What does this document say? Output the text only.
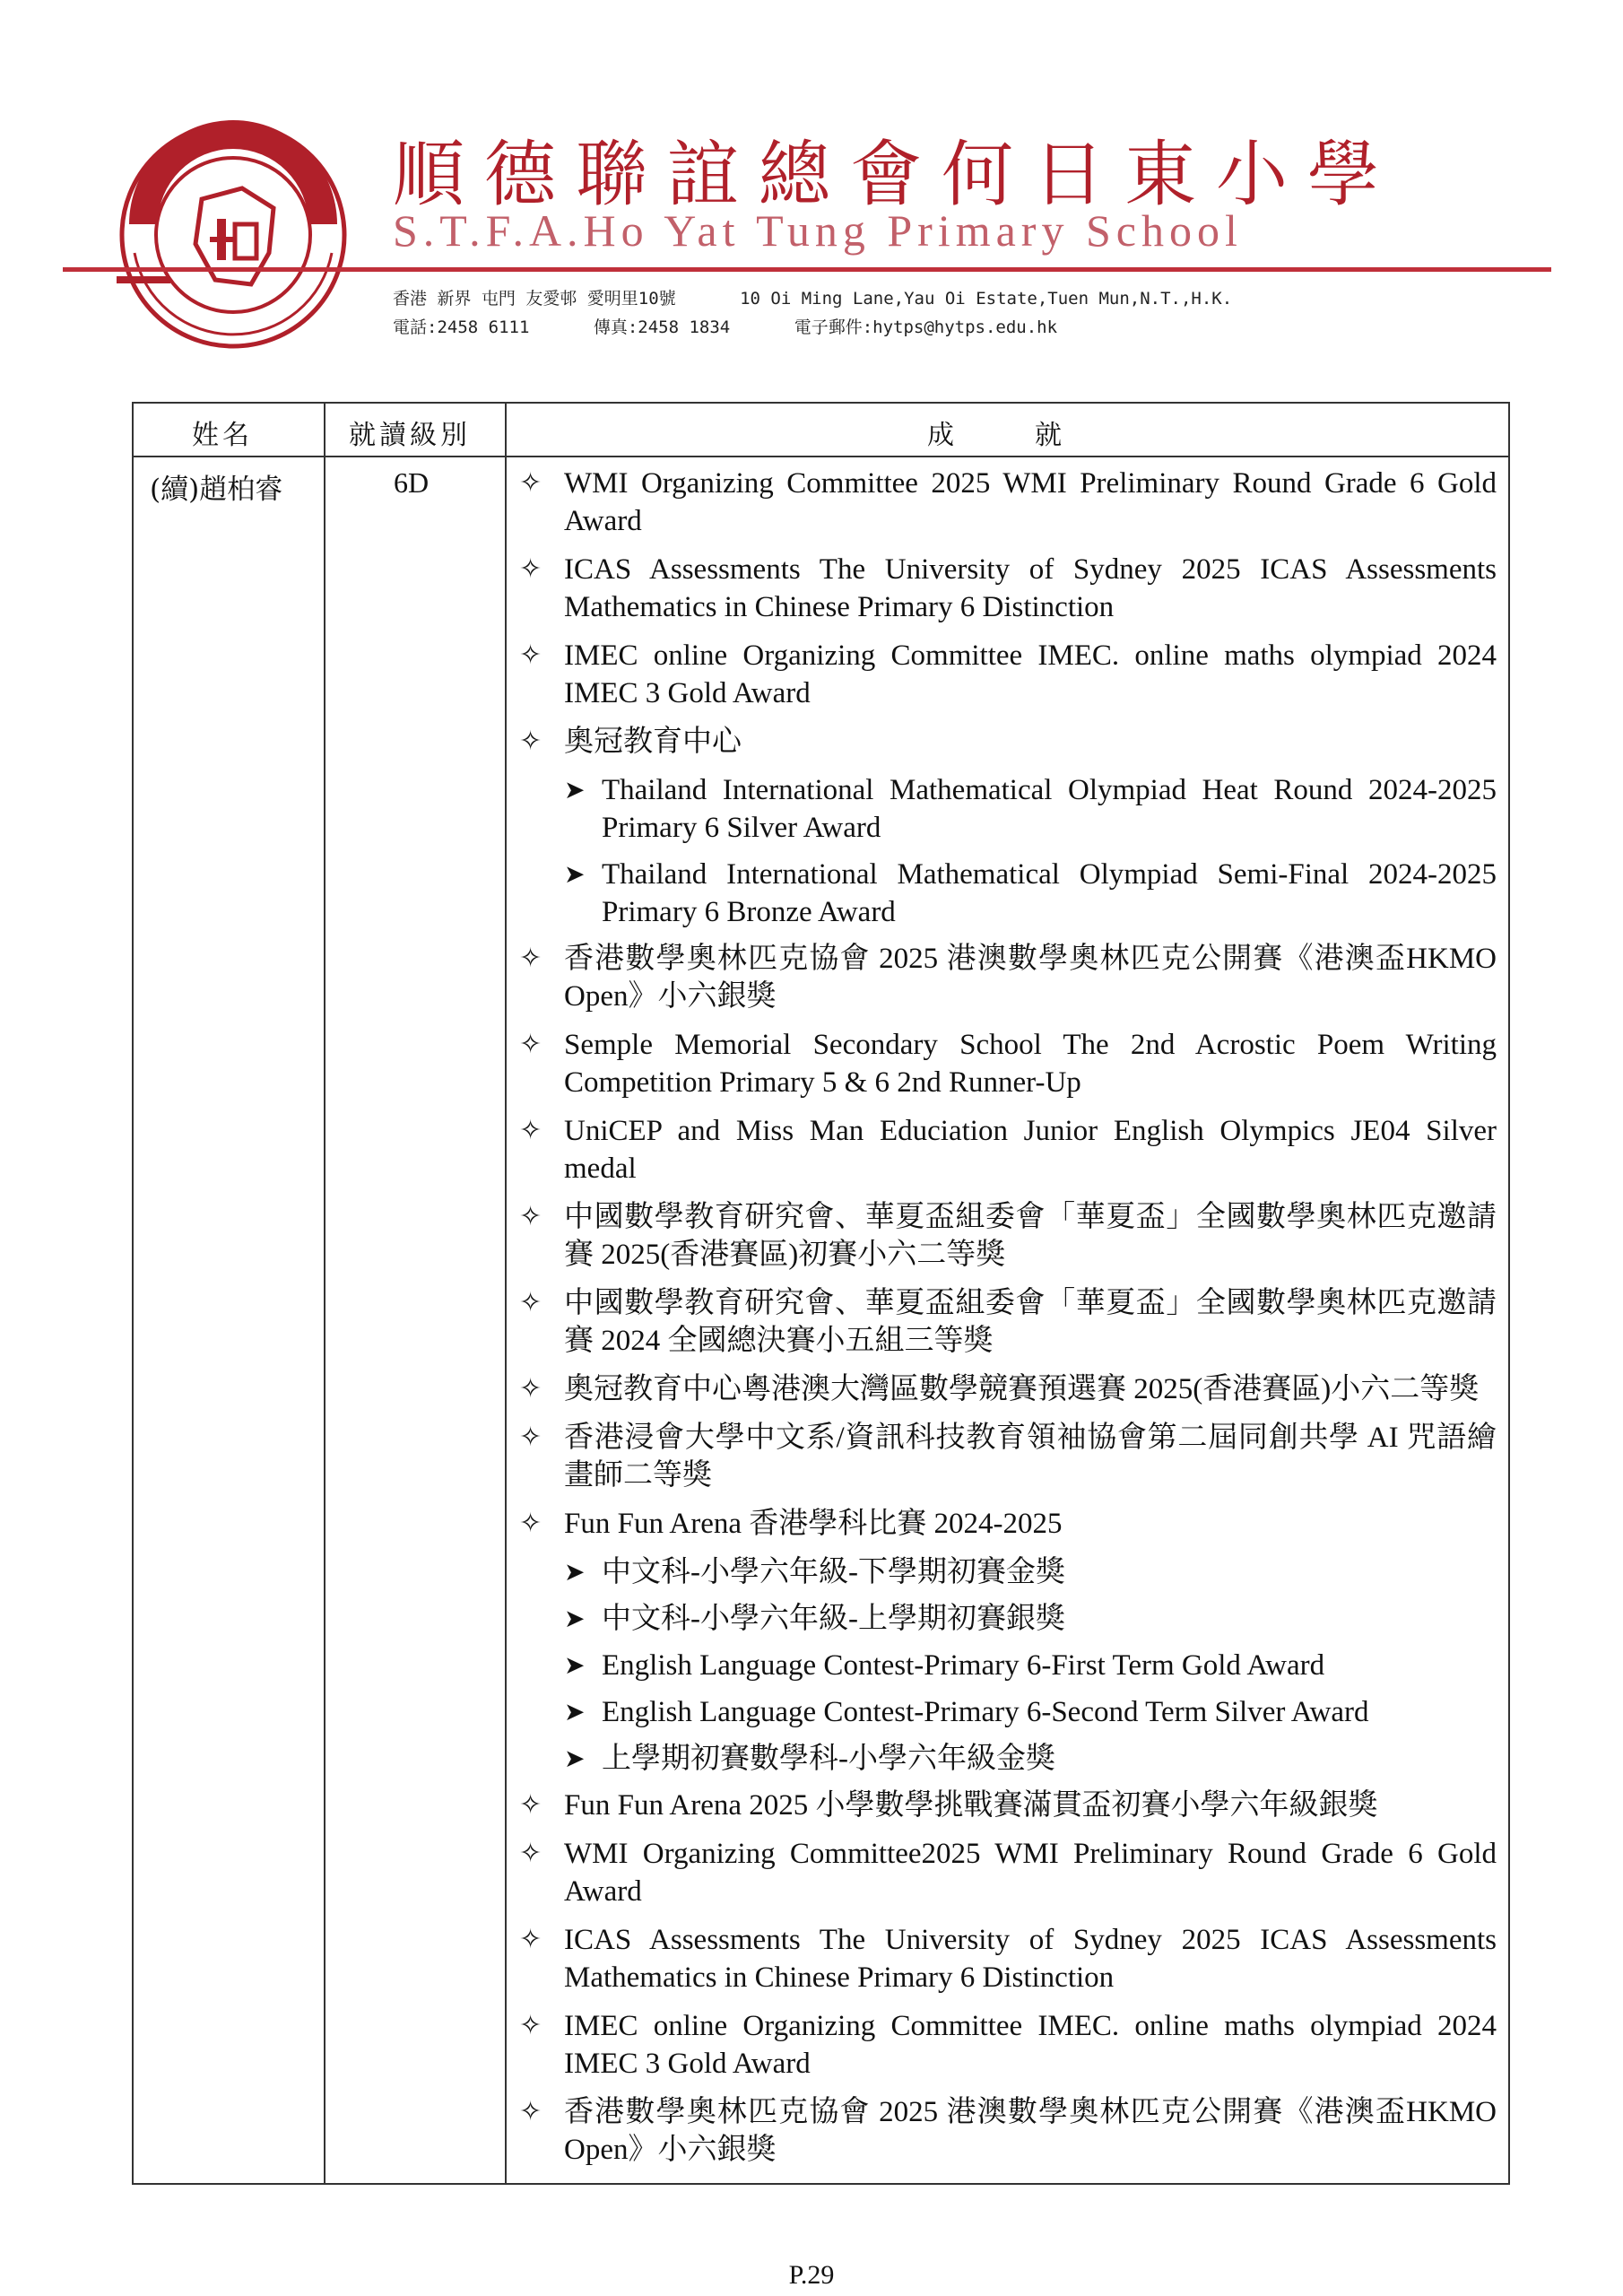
順德聯誼總會何日東小學
S.T.F.A.Ho Yat Tung Primary School
香港 新界 屯門 友愛邨 愛明里10號	10 Oi Ming Lane,Yau Oi Estate,Tuen Mun,N.T.,H.K.
電話:2458 6111	傳真:2458 1834	電子郵件:hytps@hytps.edu.hk
姓名	就讀級別	成就
(續)趙柏睿	6D	✧ WMI Organizing Committee 2025 WMI Preliminary Round Grade 6 Gold Award
✧ ICAS Assessments The University of Sydney 2025 ICAS Assessments Mathematics in Chinese Primary 6 Distinction
✧ IMEC online Organizing Committee IMEC. online maths olympiad 2024 IMEC 3 Gold Award
✧ 奧冠教育中心
➤ Thailand International Mathematical Olympiad Heat Round 2024-2025 Primary 6 Silver Award
➤ Thailand International Mathematical Olympiad Semi-Final 2024-2025 Primary 6 Bronze Award
✧ 香港數學奧林匹克協會 2025 港澳數學奧林匹克公開賽《港澳盃HKMO Open》小六銀獎
✧ Semple Memorial Secondary School The 2nd Acrostic Poem Writing Competition Primary 5 & 6 2nd Runner-Up
✧ UniCEP and Miss Man Educiation Junior English Olympics JE04 Silver medal
✧ 中國數學教育研究會、華夏盃組委會「華夏盃」全國數學奧林匹克邀請賽 2025(香港賽區)初賽小六二等獎
✧ 中國數學教育研究會、華夏盃組委會「華夏盃」全國數學奧林匹克邀請賽 2024 全國總決賽小五組三等獎
✧ 奧冠教育中心粵港澳大灣區數學競賽預選賽 2025(香港賽區)小六二等獎
✧ 香港浸會大學中文系/資訊科技教育領袖協會第二屆同創共學 AI 咒語繪畫師二等獎
✧ Fun Fun Arena 香港學科比賽 2024-2025
➤ 中文科-小學六年級-下學期初賽金獎
➤ 中文科-小學六年級-上學期初賽銀獎
➤ English Language Contest-Primary 6-First Term Gold Award
➤ English Language Contest-Primary 6-Second Term Silver Award
➤ 上學期初賽數學科-小學六年級金獎
✧ Fun Fun Arena 2025 小學數學挑戰賽滿貫盃初賽小學六年級銀獎
✧ WMI Organizing Committee2025 WMI Preliminary Round Grade 6 Gold Award
✧ ICAS Assessments The University of Sydney 2025 ICAS Assessments Mathematics in Chinese Primary 6 Distinction
✧ IMEC online Organizing Committee IMEC. online maths olympiad 2024 IMEC 3 Gold Award
✧ 香港數學奧林匹克協會 2025 港澳數學奧林匹克公開賽《港澳盃HKMO Open》小六銀獎
P.29
